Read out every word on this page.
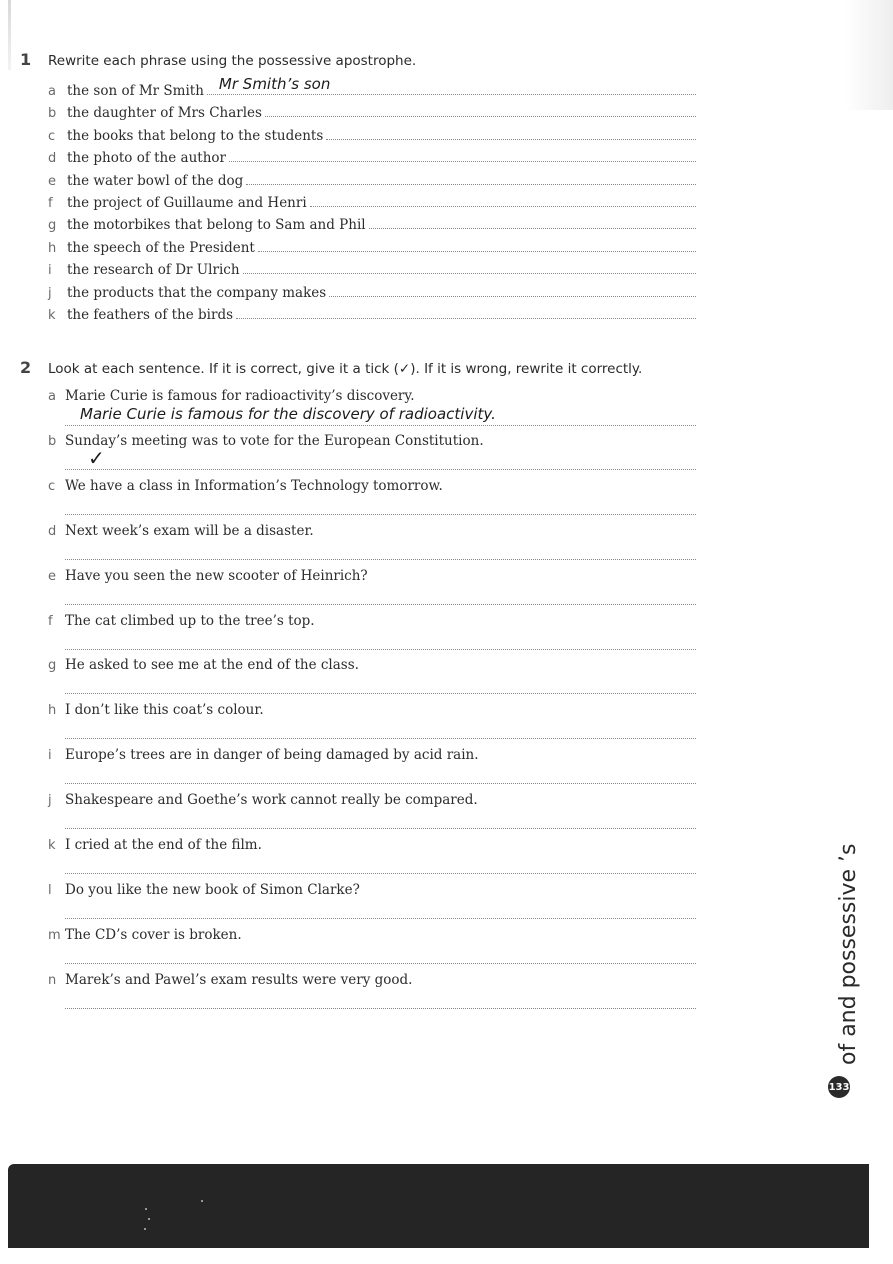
1	Rewrite each phrase using the possessive apostrophe.
a the son of Mr Smith Mr Smith’s son
b the daughter of Mrs Charles
c the books that belong to the students
d the photo of the author
e the water bowl of the dog
f	the project of Guillaume and Henri
g the motorbikes that belong to Sam and Phil
h the speech of the President
i	the research of Dr Ulrich
j	the products that the company makes
k the feathers of the birds
2	Look at each sentence. If it is correct, give it a tick (✓). If it is wrong, rewrite it correctly.
a Marie Curie is famous for radioactivity’s discovery.
Marie Curie is famous for the discovery of radioactivity.
b Sunday’s meeting was to vote for the European Constitution.
✓
c We have a class in Information’s Technology tomorrow.
d Next week’s exam will be a disaster.
e Have you seen the new scooter of Heinrich?
f The cat climbed up to the tree’s top.
g He asked to see me at the end of the class.
h I don’t like this coat’s colour.
i Europe’s trees are in danger of being damaged by acid rain.
j Shakespeare and Goethe’s work cannot really be compared.
k I cried at the end of the film.
l Do you like the new book of Simon Clarke?
m The CD’s cover is broken.
n Marek’s and Pawel’s exam results were very good.	of and possessive ’s
133
